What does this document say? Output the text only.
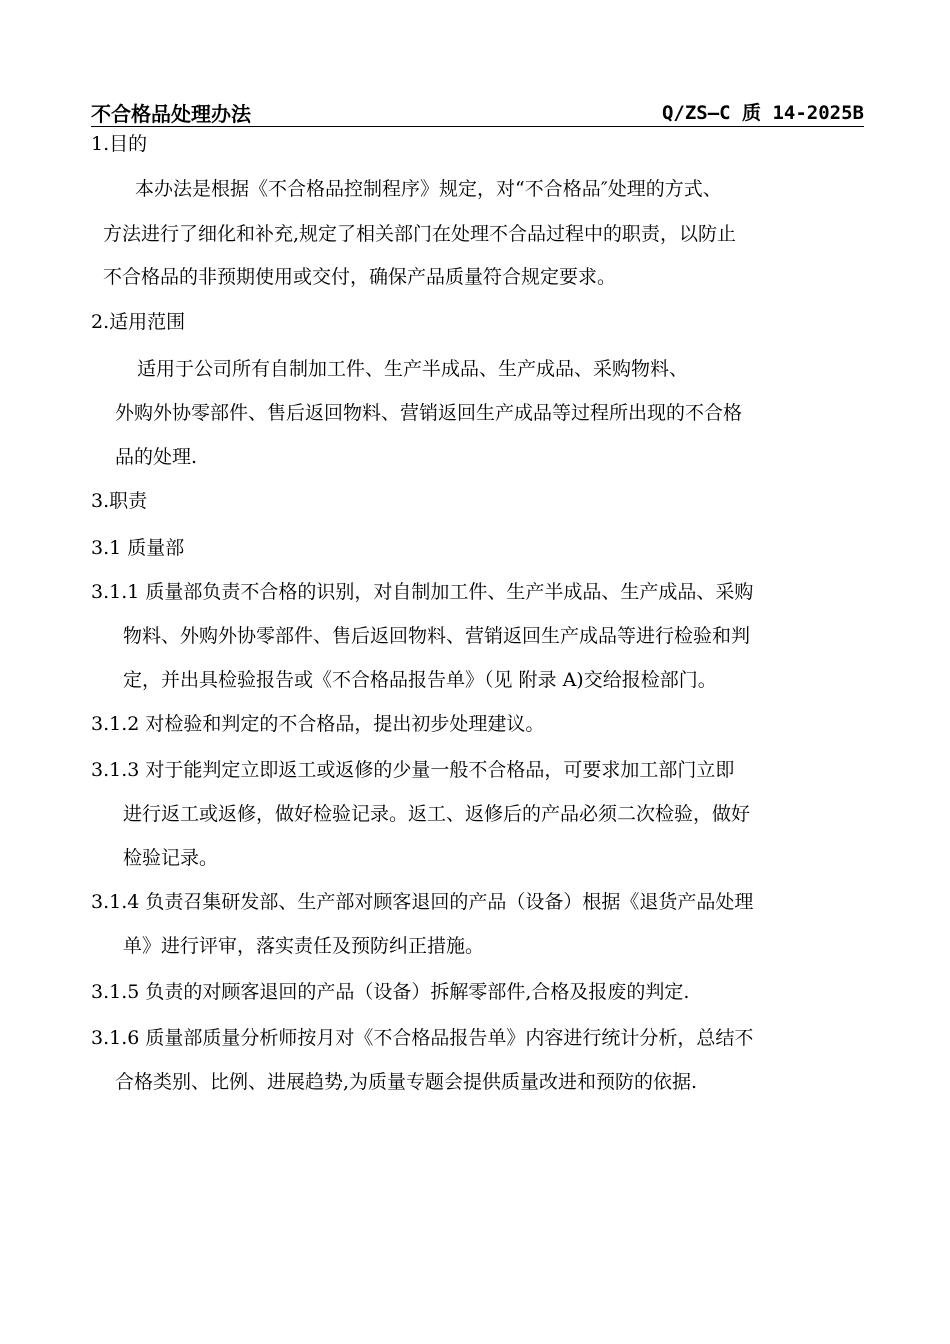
不合格品处理办法	Q/ZS—C 质 14-2025B
1.目的
本办法是根据《不合格品控制程序》规定，对“不合格品″处理的方式、
方法进行了细化和补充,规定了相关部门在处理不合品过程中的职责，以防止
不合格品的非预期使用或交付，确保产品质量符合规定要求。
2.适用范围
适用于公司所有自制加工件、生产半成品、生产成品、采购物料、
外购外协零部件、售后返回物料、营销返回生产成品等过程所出现的不合格
品的处理.
3.职责
3.1 质量部
3.1.1 质量部负责不合格的识别，对自制加工件、生产半成品、生产成品、采购
物料、外购外协零部件、售后返回物料、营销返回生产成品等进行检验和判
定，并出具检验报告或《不合格品报告单》（见 附录 A)交给报检部门。
3.1.2 对检验和判定的不合格品，提出初步处理建议。
3.1.3 对于能判定立即返工或返修的少量一般不合格品，可要求加工部门立即
进行返工或返修，做好检验记录。返工、返修后的产品必须二次检验，做好
检验记录。
3.1.4 负责召集研发部、生产部对顾客退回的产品（设备）根据《退货产品处理
单》进行评审，落实责任及预防纠正措施。
3.1.5 负责的对顾客退回的产品（设备）拆解零部件,合格及报废的判定.
3.1.6 质量部质量分析师按月对《不合格品报告单》内容进行统计分析，总结不
合格类别、比例、进展趋势,为质量专题会提供质量改进和预防的依据.
